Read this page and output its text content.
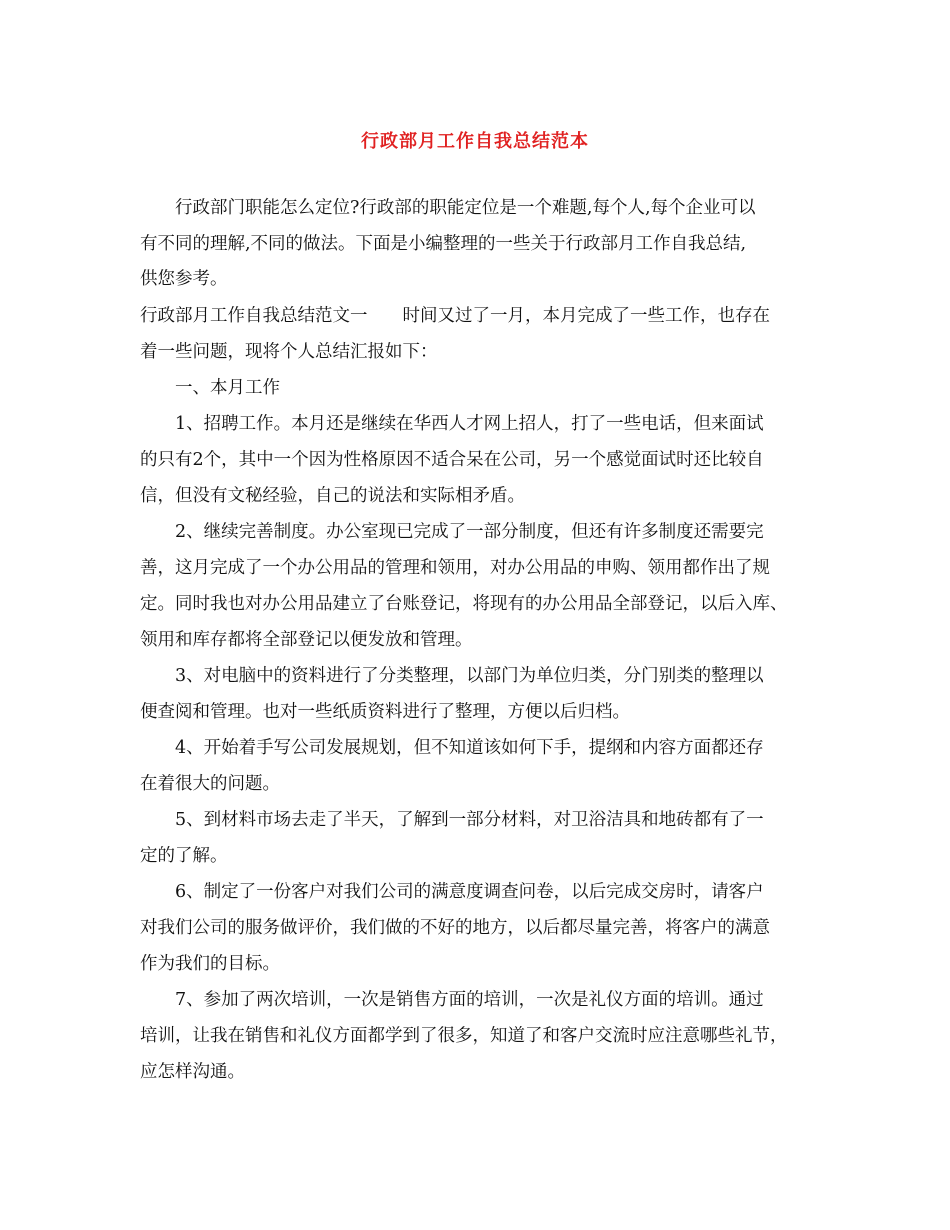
行政部月工作自我总结范本
行政部门职能怎么定位?行政部的职能定位是一个难题,每个人,每个企业可以
有不同的理解,不同的做法。下面是小编整理的一些关于行政部月工作自我总结,
供您参考。
行政部月工作自我总结范文一　　时间又过了一月，本月完成了一些工作，也存在
着一些问题，现将个人总结汇报如下：
一、本月工作
1、招聘工作。本月还是继续在华西人才网上招人，打了一些电话，但来面试
的只有2个，其中一个因为性格原因不适合呆在公司，另一个感觉面试时还比较自
信，但没有文秘经验，自己的说法和实际相矛盾。
2、继续完善制度。办公室现已完成了一部分制度，但还有许多制度还需要完
善，这月完成了一个办公用品的管理和领用，对办公用品的申购、领用都作出了规
定。同时我也对办公用品建立了台账登记，将现有的办公用品全部登记，以后入库、
领用和库存都将全部登记以便发放和管理。
3、对电脑中的资料进行了分类整理，以部门为单位归类，分门别类的整理以
便查阅和管理。也对一些纸质资料进行了整理，方便以后归档。
4、开始着手写公司发展规划，但不知道该如何下手，提纲和内容方面都还存
在着很大的问题。
5、到材料市场去走了半天，了解到一部分材料，对卫浴洁具和地砖都有了一
定的了解。
6、制定了一份客户对我们公司的满意度调查问卷，以后完成交房时，请客户
对我们公司的服务做评价，我们做的不好的地方，以后都尽量完善，将客户的满意
作为我们的目标。
7、参加了两次培训，一次是销售方面的培训，一次是礼仪方面的培训。通过
培训，让我在销售和礼仪方面都学到了很多，知道了和客户交流时应注意哪些礼节，
应怎样沟通。
